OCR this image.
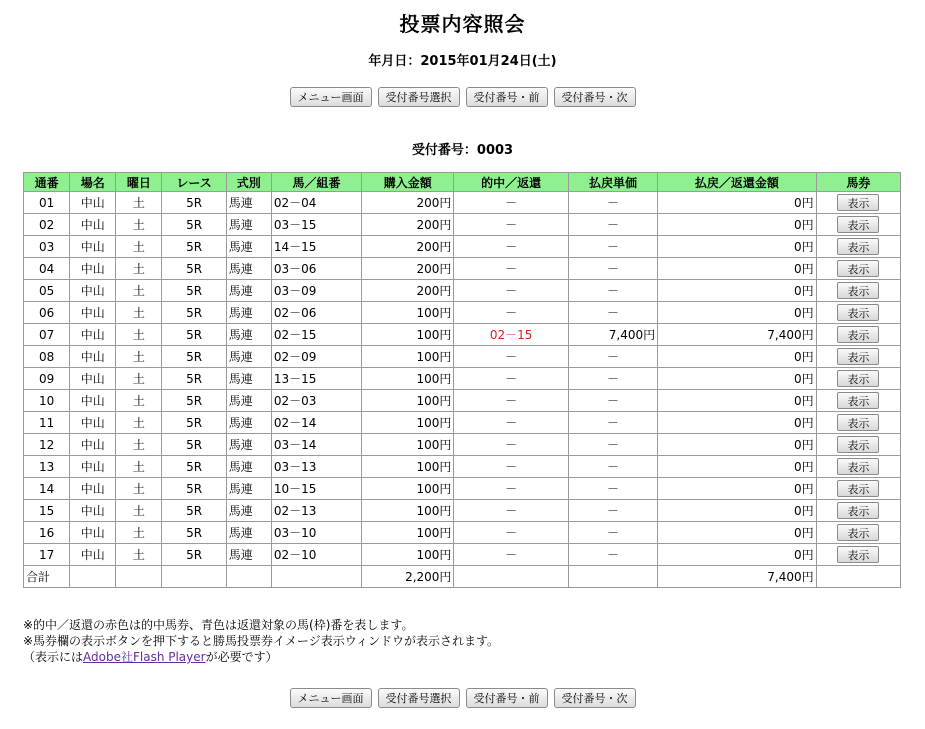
投票内容照会
年月日：2015年01月24日(土)
メニュー画面	受付番号選択	受付番号・前	受付番号・次
受付番号：0003
通番	場名	曜日	レース	式別	馬／組番	購入金額	的中／返還	払戻単価	払戻／返還金額	馬券
01	中山	土	5R	馬連	02－04	200円	－	－	0円	表示

02	中山	土	5R	馬連	03－15	200円	－	－	0円	表示

03	中山	土	5R	馬連	14－15	200円	－	－	0円	表示

04	中山	土	5R	馬連	03－06	200円	－	－	0円	表示

05	中山	土	5R	馬連	03－09	200円	－	－	0円	表示

06	中山	土	5R	馬連	02－06	100円	－	－	0円	表示

07	中山	土	5R	馬連	02－15	100円	02－15	7,400円	7,400円	表示

08	中山	土	5R	馬連	02－09	100円	－	－	0円	表示

09	中山	土	5R	馬連	13－15	100円	－	－	0円	表示

10	中山	土	5R	馬連	02－03	100円	－	－	0円	表示

11	中山	土	5R	馬連	02－14	100円	－	－	0円	表示

12	中山	土	5R	馬連	03－14	100円	－	－	0円	表示

13	中山	土	5R	馬連	03－13	100円	－	－	0円	表示

14	中山	土	5R	馬連	10－15	100円	－	－	0円	表示

15	中山	土	5R	馬連	02－13	100円	－	－	0円	表示

16	中山	土	5R	馬連	03－10	100円	－	－	0円	表示

17	中山	土	5R	馬連	02－10	100円	－	－	0円	表示

合計						2,200円			7,400円	
※的中／返還の赤色は的中馬券、青色は返還対象の馬(枠)番を表します。
※馬券欄の表示ボタンを押下すると勝馬投票券イメージ表示ウィンドウが表示されます。
（表示にはAdobe社Flash Playerが必要です）
メニュー画面	受付番号選択	受付番号・前	受付番号・次
